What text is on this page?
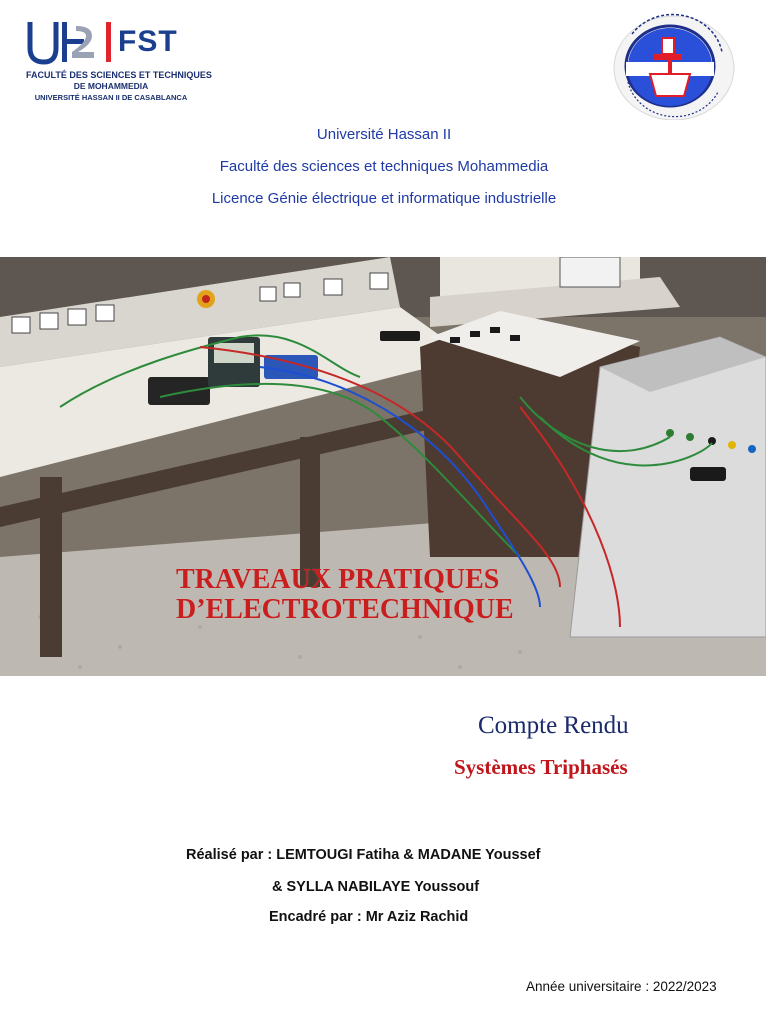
FST
FACULTÉ DES SCIENCES ET TECHNIQUES
DE MOHAMMEDIA
UNIVERSITÉ HASSAN II DE CASABLANCA
Université Hassan II
Faculté des sciences et techniques Mohammedia
Licence Génie électrique et informatique industrielle
TRAVEAUX PRATIQUES
D’ELECTROTECHNIQUE
Compte Rendu
Systèmes Triphasés
Réalisé par : LEMTOUGI Fatiha & MADANE Youssef
& SYLLA NABILAYE Youssouf
Encadré par : Mr Aziz Rachid
Année universitaire : 2022/2023
